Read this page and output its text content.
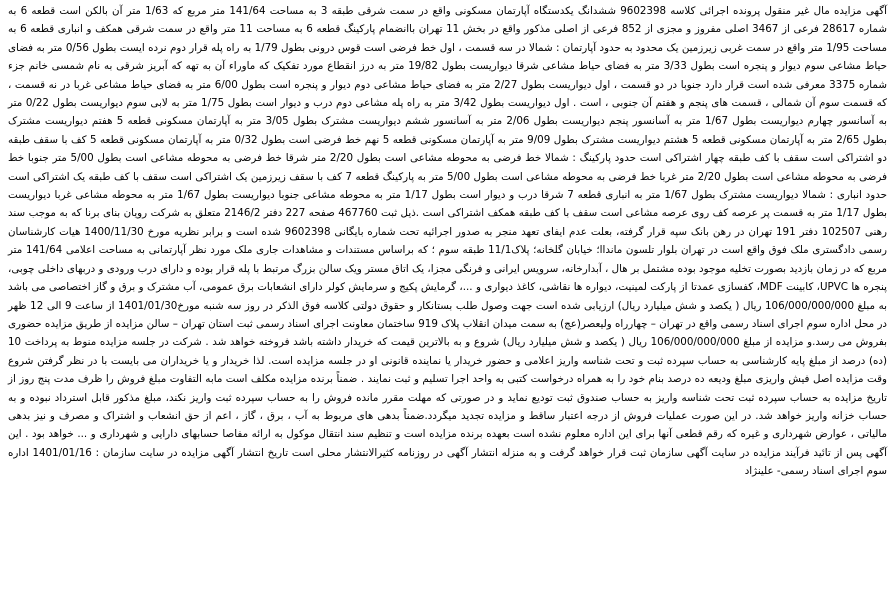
آگهی مزایده مال غیر منقول پرونده اجرائی کلاسه 9602398 ششدانگ یکدستگاه آپارتمان مسکونی واقع در سمت شرقی طبقه 3 به مساحت 141/64 متر مربع که 1/63 متر آن بالکن است قطعه 6 به شماره 28617 فرعی از 3467 اصلی مفروز و مجزی از 852 فرعی از اصلی مذکور واقع در بخش 11 تهران باانضمام پارکینگ قطعه 6 به مساحت 11 متر واقع در سمت شرقی همکف و انباری قطعه 6 به مساحت 1/95 متر واقع در سمت غربی زیرزمین یک محدود به حدود آپارتمان : شمالا در سه قسمت ، اول خط فرضی است قوس درونی بطول 1/79 به راه پله قرار دوم نرده ایست بطول 0/56 متر به فضای حیاط مشاعی سوم دیوار و پنجره است بطول 3/33 متر به فضای حیاط مشاعی شرقا دیواریست بطول 19/82 متر به درز انقطاع مورد تفکیک که ماوراء آن به تهه که آبریز شرقی به نام شمسی خانم جزء شماره 3375 معرفی شده است قرار دارد جنوبا در دو قسمت ، اول دیواریست بطول 2/27 متر به فضای حیاط مشاعی دوم دیوار و پنجره است بطول 6/00 متر به فضای حیاط مشاعی غربا در نه قسمت ، که قسمت سوم آن شمالی ، قسمت های پنجم و هفتم آن جنوبی ، است . اول دیواریست بطول 3/42 متر به راه پله مشاعی دوم درب و دیوار است بطول 1/75 متر به لابی سوم دیواریست بطول 0/22 متر به آسانسور چهارم دیواریست بطول 1/67 متر به آسانسور پنجم دیواریست بطول 2/06 متر به آسانسور ششم دیواریست مشترک بطول 3/05 متر به آپارتمان مسکونی قطعه 5 هفتم دیواریست مشترک بطول 2/65 متر به آپارتمان مسکونی قطعه 5 هشتم دیواریست مشترک بطول 9/09 متر به آپارتمان مسکونی قطعه 5 نهم خط فرضی است بطول 0/32 متر به آپارتمان مسکونی قطعه 5 کف با سقف طبقه دو اشتراکی است سقف با کف طبقه چهار اشتراکی است حدود پارکینگ : شمالا خط فرضی به محوطه مشاعی است بطول 2/20 متر شرقا خط فرضی به محوطه مشاعی است بطول 5/00 متر جنوبا خط فرضی به محوطه مشاعی است بطول 2/20 متر غربا خط فرضی به محوطه مشاعی است بطول 5/00 متر به پارکینگ قطعه 7 کف با سقف زیرزمین یک اشتراکی است سقف با کف طبقه یک اشتراکی است حدود انباری : شمالا دیواریست مشترک بطول 1/67 متر به انباری قطعه 7 شرقا درب و دیوار است بطول 1/17 متر به محوطه مشاعی جنوبا دیواریست بطول 1/67 متر به محوطه مشاعی غربا دیواریست بطول 1/17 متر به قسمت پر عرصه کف روی عرصه مشاعی است سقف با کف طبقه همکف اشتراکی است .ذیل ثبت 467760 صفحه 227 دفتر 2146/2 متعلق به شرکت رویان بنای برنا که به موجب سند رهنی 102507 دفتر 191 تهران در رهن بانک سپه قرار گرفته، بعلت عدم ایفای تعهد منجر به صدور اجرائیه تحت شماره بایگانی 9602398 شده است و برابر نظریه مورخ 1400/11/30 هیات کارشناسان رسمی دادگستری ملک فوق واقع است در تهران بلوار تلسون مانداا؛ خیابان گلخانه؛ پلاک11/1 طبقه سوم ؛ که براساس مستندات و مشاهدات جاری ملک مورد نظر آپارتمانی به مساحت اعلامی 141/64 متر مربع که در زمان بازدید بصورت تخلیه موجود بوده مشتمل بر هال ، آبدارخانه، سرویس ایرانی و فرنگی مجزا، یک اتاق مستر ویک سالن بزرگ مرتبط با پله قرار بوده و دارای درب ورودی و دربهای داخلی چوبی، پنجره ها UPVC، کابینت MDF، کفسازی عمدتا از پارکت لمینیت، دیواره ها نقاشی، کاغذ دیواری و ...، گرمایش پکیج و سرمایش کولر دارای انشعابات برق عمومی، آب مشترک و برق و گاز اختصاصی می باشد به مبلغ 106/000/000/000 ریال ( یکصد و شش میلیارد ریال) ارزیابی شده است جهت وصول طلب بستانکار و حقوق دولتی کلاسه فوق الذکر در روز سه شنبه مورخ1401/01/30 از ساعت 9 الی 12 ظهر در محل اداره سوم اجرای اسناد رسمی واقع در تهران – چهارراه ولیعصر(عج) به سمت میدان انقلاب پلاک 919 ساختمان معاونت اجرای اسناد رسمی ثبت استان تهران – سالن مزایده از طریق مزایده حضوری بفروش می رسد.و مزایده از مبلغ 106/000/000/000 ریال ( یکصد و شش میلیارد ریال) شروع و به بالاترین قیمت که خریدار داشته باشد فروخته خواهد شد . شرکت در جلسه مزایده منوط به پرداخت 10 (ده) درصد از مبلغ پایه کارشناسی به حساب سپرده ثبت و تحت شناسه واریز اعلامی و حضور خریدار یا نماینده قانونی او در جلسه مزایده است. لذا خریدار و یا خریداران می بایست با در نظر گرفتن شروع وقت مزایده اصل فیش واریزی مبلغ ودیعه ده درصد بنام خود را به همراه درخواست کتبی به واحد اجرا تسلیم و ثبت نمایند . ضمناً برنده مزایده مکلف است مابه التفاوت مبلغ فروش را ظرف مدت پنج روز از تاریخ مزایده به حساب سپرده ثبت تحت شناسه واریز به حساب صندوق ثبت تودیع نماید و در صورتی که مهلت مقرر مانده فروش را به حساب سپرده ثبت واریز نکند، مبلغ مذکور قابل استرداد نبوده و به حساب خزانه واریز خواهد شد. در این صورت عملیات فروش از درجه اعتبار ساقط و مزایده تجدید میگردد.ضمناً بدهی های مربوط به آب ، برق ، گاز ، اعم از حق انشعاب و اشتراک و مصرف و نیز بدهی مالیاتی ، عوارض شهرداری و غیره که رقم قطعی آنها برای این اداره معلوم نشده است بعهده برنده مزایده است و تنظیم سند انتقال موکول به ارائه مفاصا حسابهای دارایی و شهرداری و ... خواهد بود . این آگهی پس از تائید فرآیند مزایده در سایت آگهی سازمان ثبت قرار خواهد گرفت و به منزله انتشار آگهی در روزنامه کثیرالانتشار محلی است تاریخ انتشار آگهی مزایده در سایت سازمان : 1401/01/16 اداره سوم اجرای اسناد رسمی- علینژاد
